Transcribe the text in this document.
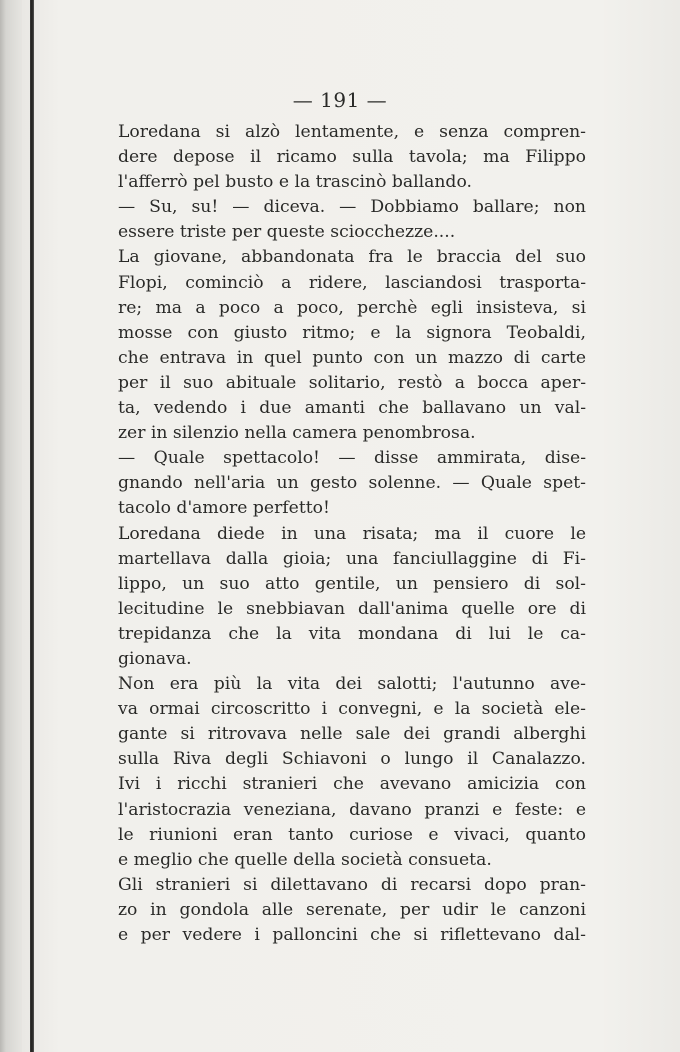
— 191 —
Loredana si alzò lentamente, e senza compren-
dere depose il ricamo sulla tavola; ma Filippo
l'afferrò pel busto e la trascinò ballando.
— Su, su! — diceva. — Dobbiamo ballare; non
essere triste per queste sciocchezze....
La giovane, abbandonata fra le braccia del suo
Flopi, cominciò a ridere, lasciandosi trasporta-
re; ma a poco a poco, perchè egli insisteva, si
mosse con giusto ritmo; e la signora Teobaldi,
che entrava in quel punto con un mazzo di carte
per il suo abituale solitario, restò a bocca aper-
ta, vedendo i due amanti che ballavano un val-
zer in silenzio nella camera penombrosa.
— Quale spettacolo! — disse ammirata, dise-
gnando nell'aria un gesto solenne. — Quale spet-
tacolo d'amore perfetto!
Loredana diede in una risata; ma il cuore le
martellava dalla gioia; una fanciullaggine di Fi-
lippo, un suo atto gentile, un pensiero di sol-
lecitudine le snebbiavan dall'anima quelle ore di
trepidanza che la vita mondana di lui le ca-
gionava.
Non era più la vita dei salotti; l'autunno ave-
va ormai circoscritto i convegni, e la società ele-
gante si ritrovava nelle sale dei grandi alberghi
sulla Riva degli Schiavoni o lungo il Canalazzo.
Ivi i ricchi stranieri che avevano amicizia con
l'aristocrazia veneziana, davano pranzi e feste: e
le riunioni eran tanto curiose e vivaci, quanto
e meglio che quelle della società consueta.
Gli stranieri si dilettavano di recarsi dopo pran-
zo in gondola alle serenate, per udir le canzoni
e per vedere i palloncini che si riflettevano dal-
